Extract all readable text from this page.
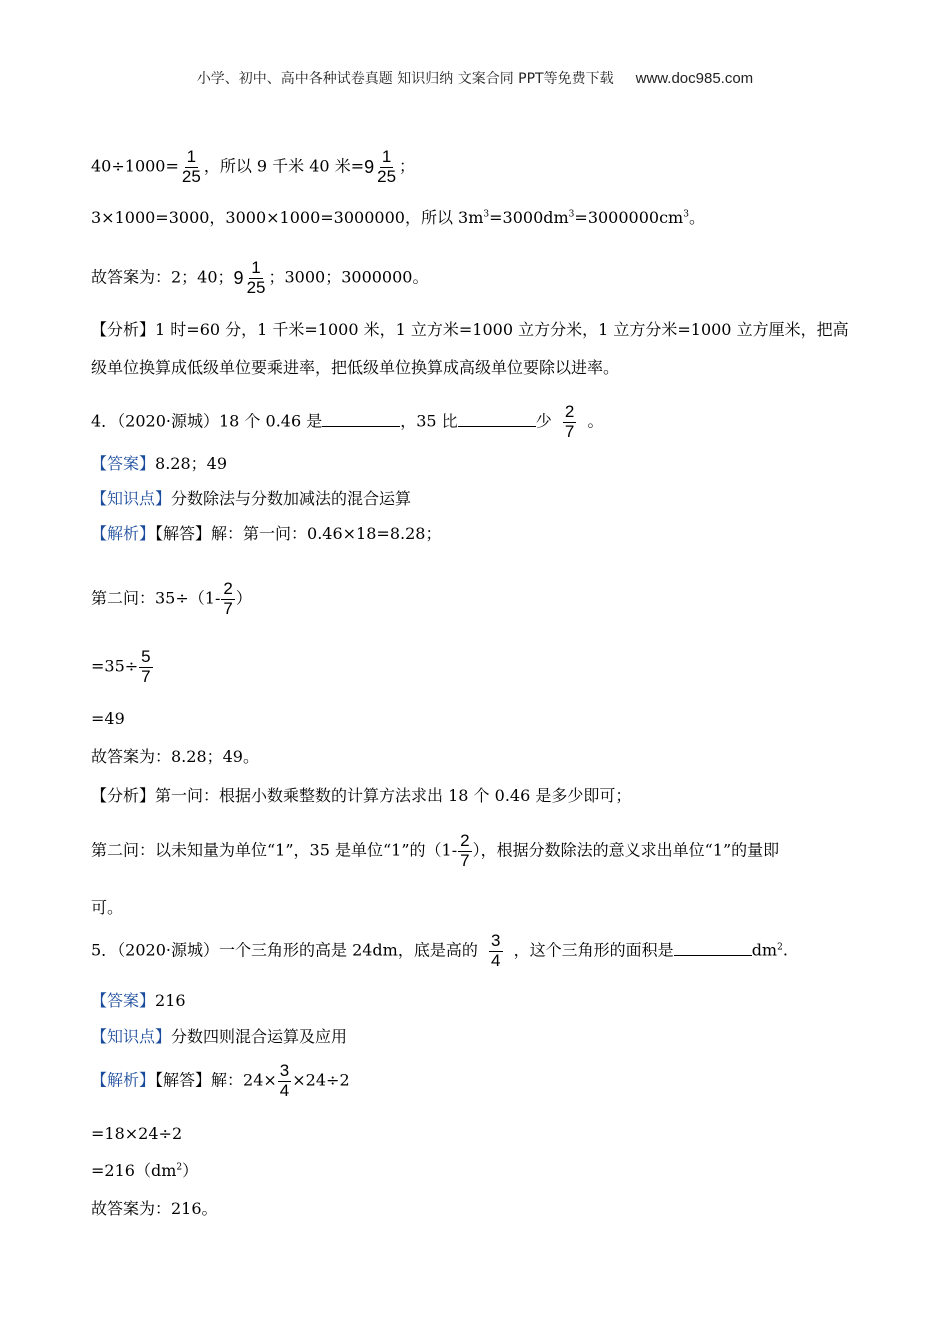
小学、初中、高中各种试卷真题 知识归纳 文案合同 PPT等免费下载 www.doc985.com
$40\div 1000= \frac{1}{25}$ ，所以 9 千米 40 米$=9 \frac{1}{25}$ ；
3×1000=3000，3000×1000=3000000，所以 $3m^3=3000dm^3=3000000cm^3$。
故答案为：2；40；$9 \frac{1}{25}$ ；3000；3000000。
【分析】1 时=60 分，1 千米=1000 米，1 立方米=1000 立方分米，1 立方分米=1000 立方厘米，把高
级单位换算成低级单位要乘进率，把低级单位换算成高级单位要除以进率。
4．（2020·源城）18 个 0.46 是	，35 比	少 $\frac{2}{7}$ 。
【答案】8.28；49
【知识点】分数除法与分数加减法的混合运算
【解析】【解答】解：第一问：0.46×18=8.28；
第二问：$35\div(1- \frac{2}{7}$ ）
$=35\div \frac{5}{7}$
=49
故答案为：8.28；49。
【分析】第一问：根据小数乘整数的计算方法求出 18 个 0.46 是多少即可；
第二问：以未知量为单位“1”，35 是单位“1”的（$1- \frac{2}{7}$ ），根据分数除法的意义求出单位“1”的量即
可。
5．（2020·源城）一个三角形的高是 24dm，底是高的 $\frac{3}{4}$ ，这个三角形的面积是	$dm^2$.
【答案】216
【知识点】分数四则混合运算及应用
【解析】【解答】解：$24\times \frac{3}{4} \times 24\div 2$
=18×24÷2
$=216(dm^2)$
故答案为：216。
